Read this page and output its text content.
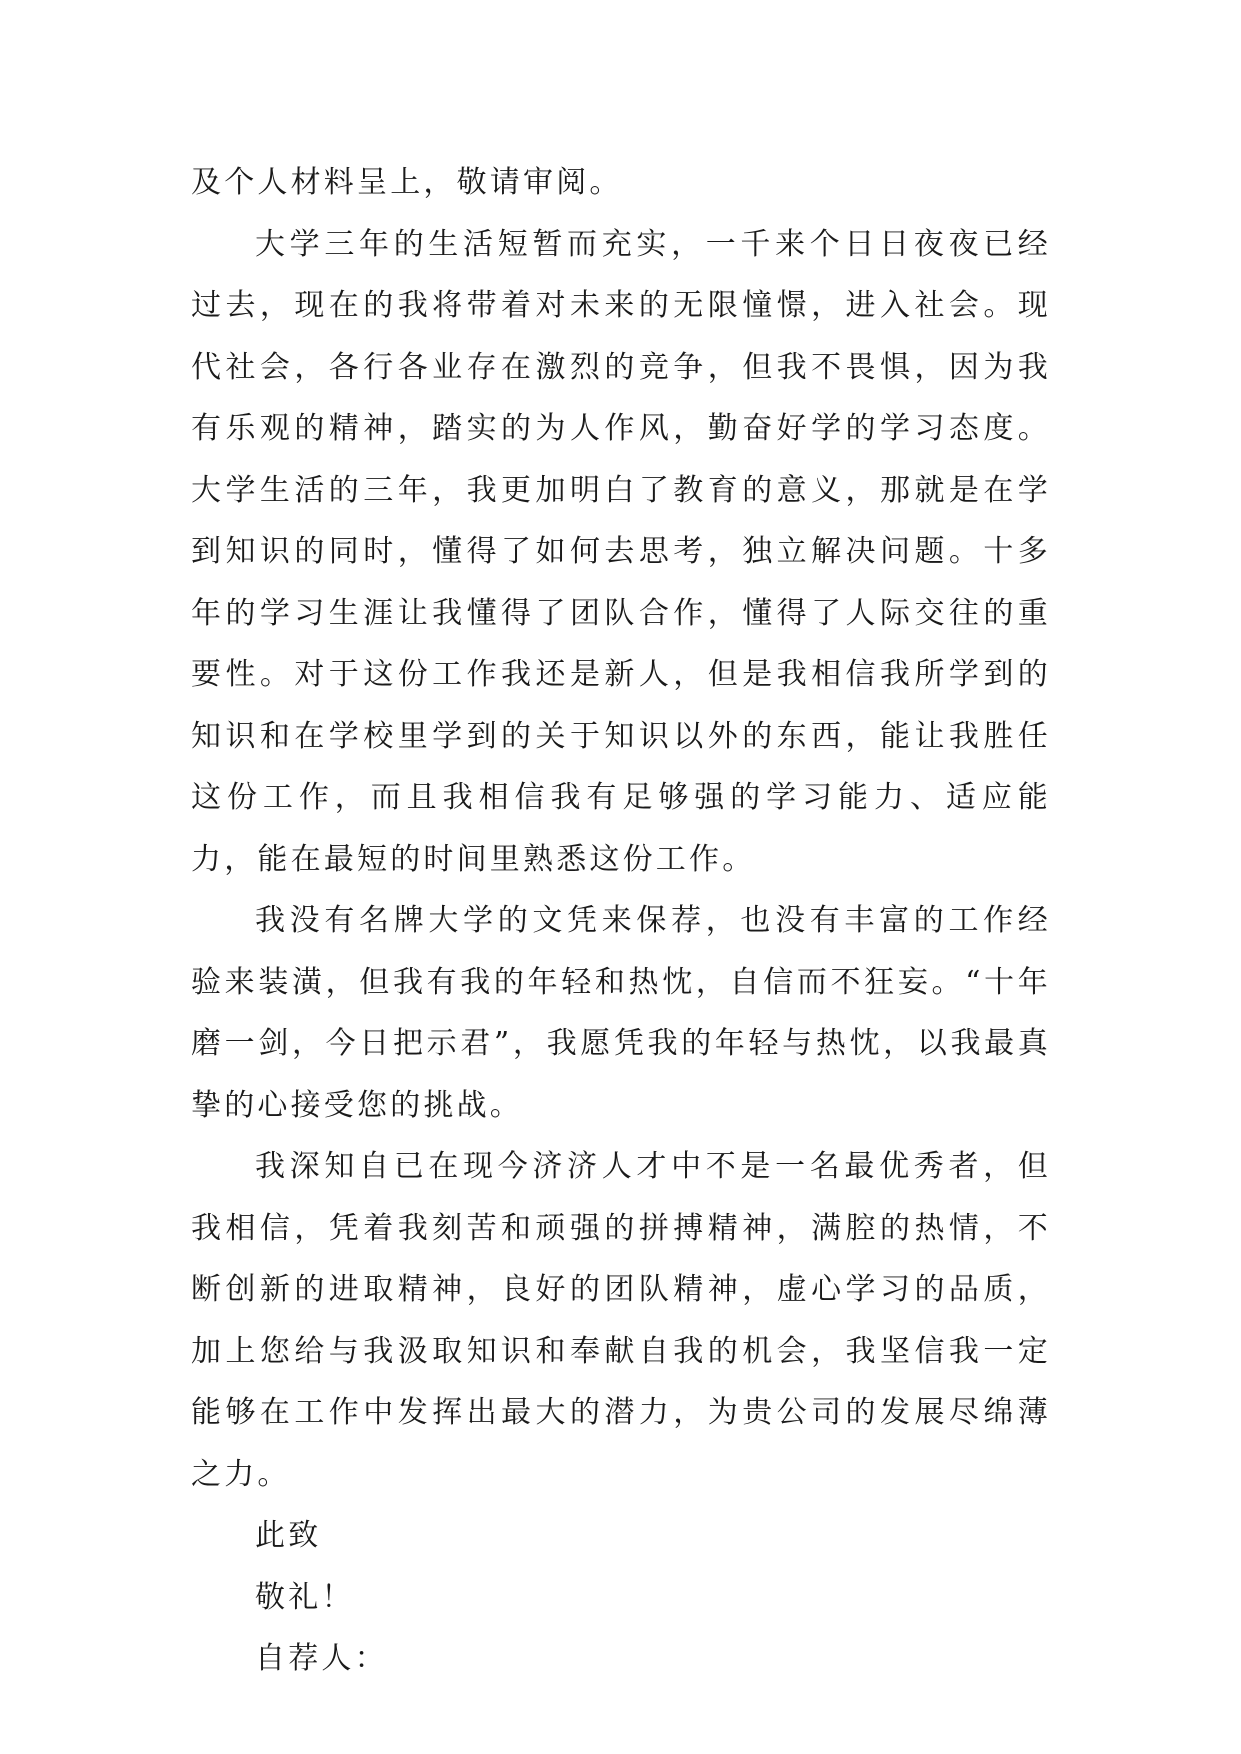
及个人材料呈上，敬请审阅。

大学三年的生活短暂而充实，一千来个日日夜夜已经过去，现在的我将带着对未来的无限憧憬，进入社会。现代社会，各行各业存在激烈的竞争，但我不畏惧，因为我有乐观的精神，踏实的为人作风，勤奋好学的学习态度。大学生活的三年，我更加明白了教育的意义，那就是在学到知识的同时，懂得了如何去思考，独立解决问题。十多年的学习生涯让我懂得了团队合作，懂得了人际交往的重要性。对于这份工作我还是新人，但是我相信我所学到的知识和在学校里学到的关于知识以外的东西，能让我胜任这份工作，而且我相信我有足够强的学习能力、适应能力，能在最短的时间里熟悉这份工作。

我没有名牌大学的文凭来保荐，也没有丰富的工作经验来装潢，但我有我的年轻和热忱，自信而不狂妄。“十年磨一剑，今日把示君”，我愿凭我的年轻与热忱，以我最真挚的心接受您的挑战。

我深知自已在现今济济人才中不是一名最优秀者，但我相信，凭着我刻苦和顽强的拼搏精神，满腔的热情，不断创新的进取精神，良好的团队精神，虚心学习的品质，加上您给与我汲取知识和奉献自我的机会，我坚信我一定能够在工作中发挥出最大的潜力，为贵公司的发展尽绵薄之力。

此致

敬礼！

自荐人：
